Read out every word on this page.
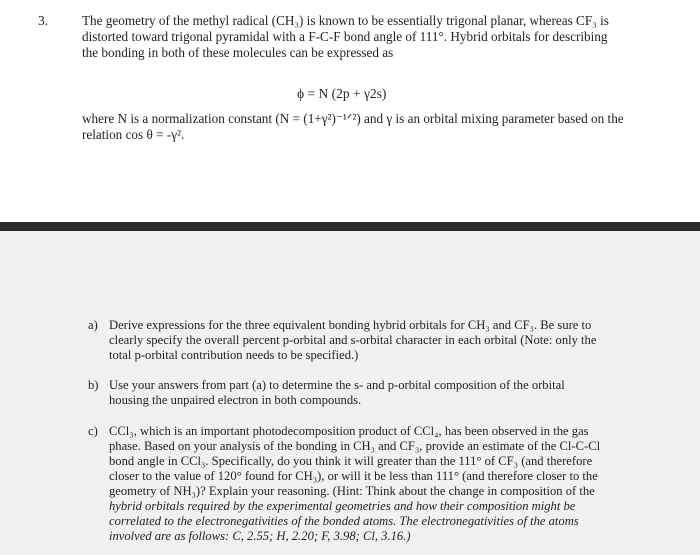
3.	The geometry of the methyl radical (CH₃) is known to be essentially trigonal planar, whereas CF₃ is
distorted toward trigonal pyramidal with a F-C-F bond angle of 111°. Hybrid orbitals for describing
the bonding in both of these molecules can be expressed as
ϕ = N (2p + γ2s)
where N is a normalization constant (N = (1+γ²)⁻¹ᐟ²) and γ is an orbital mixing parameter based on the
relation cos θ = -γ².
a) Derive expressions for the three equivalent bonding hybrid orbitals for CH₃ and CF₃. Be sure to
clearly specify the overall percent p-orbital and s-orbital character in each orbital (Note: only the
total p-orbital contribution needs to be specified.)
b) Use your answers from part (a) to determine the s- and p-orbital composition of the orbital
housing the unpaired electron in both compounds.
c) CCl₃, which is an important photodecomposition product of CCl₄, has been observed in the gas
phase. Based on your analysis of the bonding in CH₃ and CF₃, provide an estimate of the Cl-C-Cl
bond angle in CCl₃. Specifically, do you think it will greater than the 111° of CF₃ (and therefore
closer to the value of 120° found for CH₃), or will it be less than 111° (and therefore closer to the
geometry of NH₃)? Explain your reasoning. (Hint: Think about the change in composition of the
hybrid orbitals required by the experimental geometries and how their composition might be
correlated to the electronegativities of the bonded atoms. The electronegativities of the atoms
involved are as follows: C, 2.55; H, 2.20; F, 3.98; Cl, 3.16.)
